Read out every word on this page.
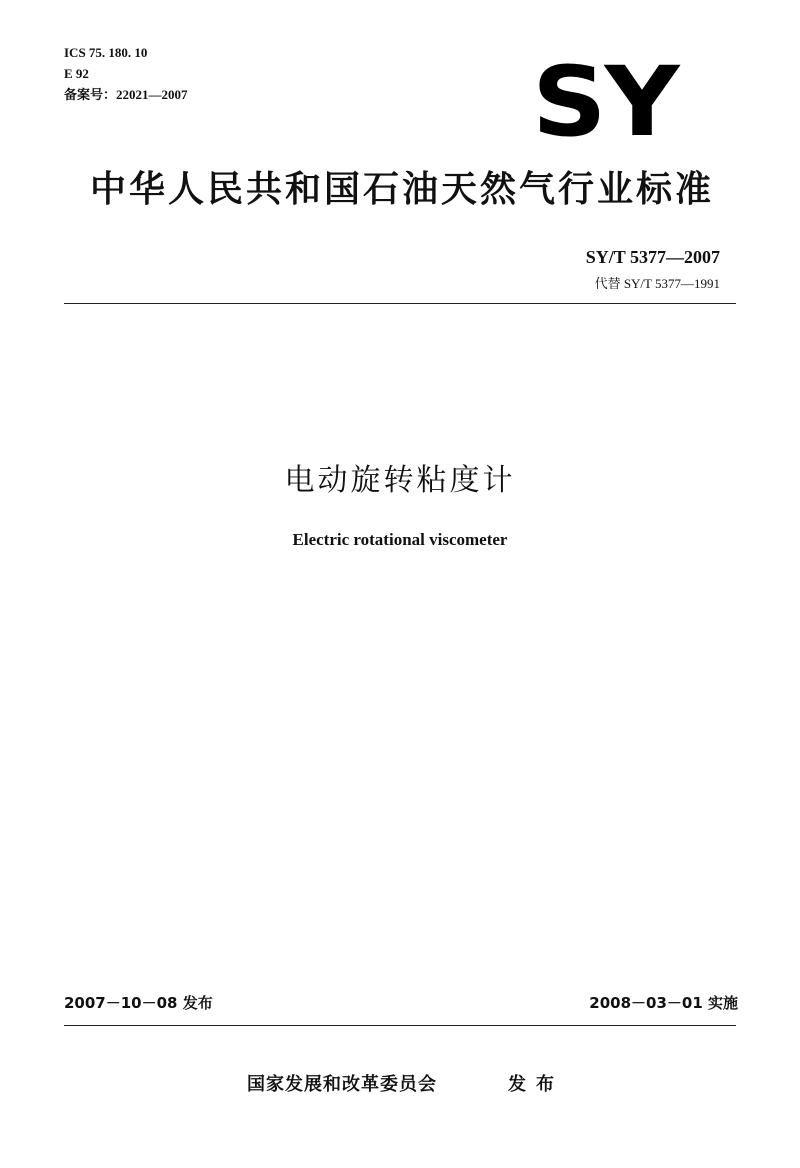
ICS 75. 180. 10
E 92
备案号：22021—2007	SY
中华人民共和国石油天然气行业标准
SY/T 5377—2007
代替 SY/T 5377—1991
电动旋转粘度计
Electric rotational viscometer
2007－10－08 发布	2008－03－01 实施
国家发展和改革委员会	发布
